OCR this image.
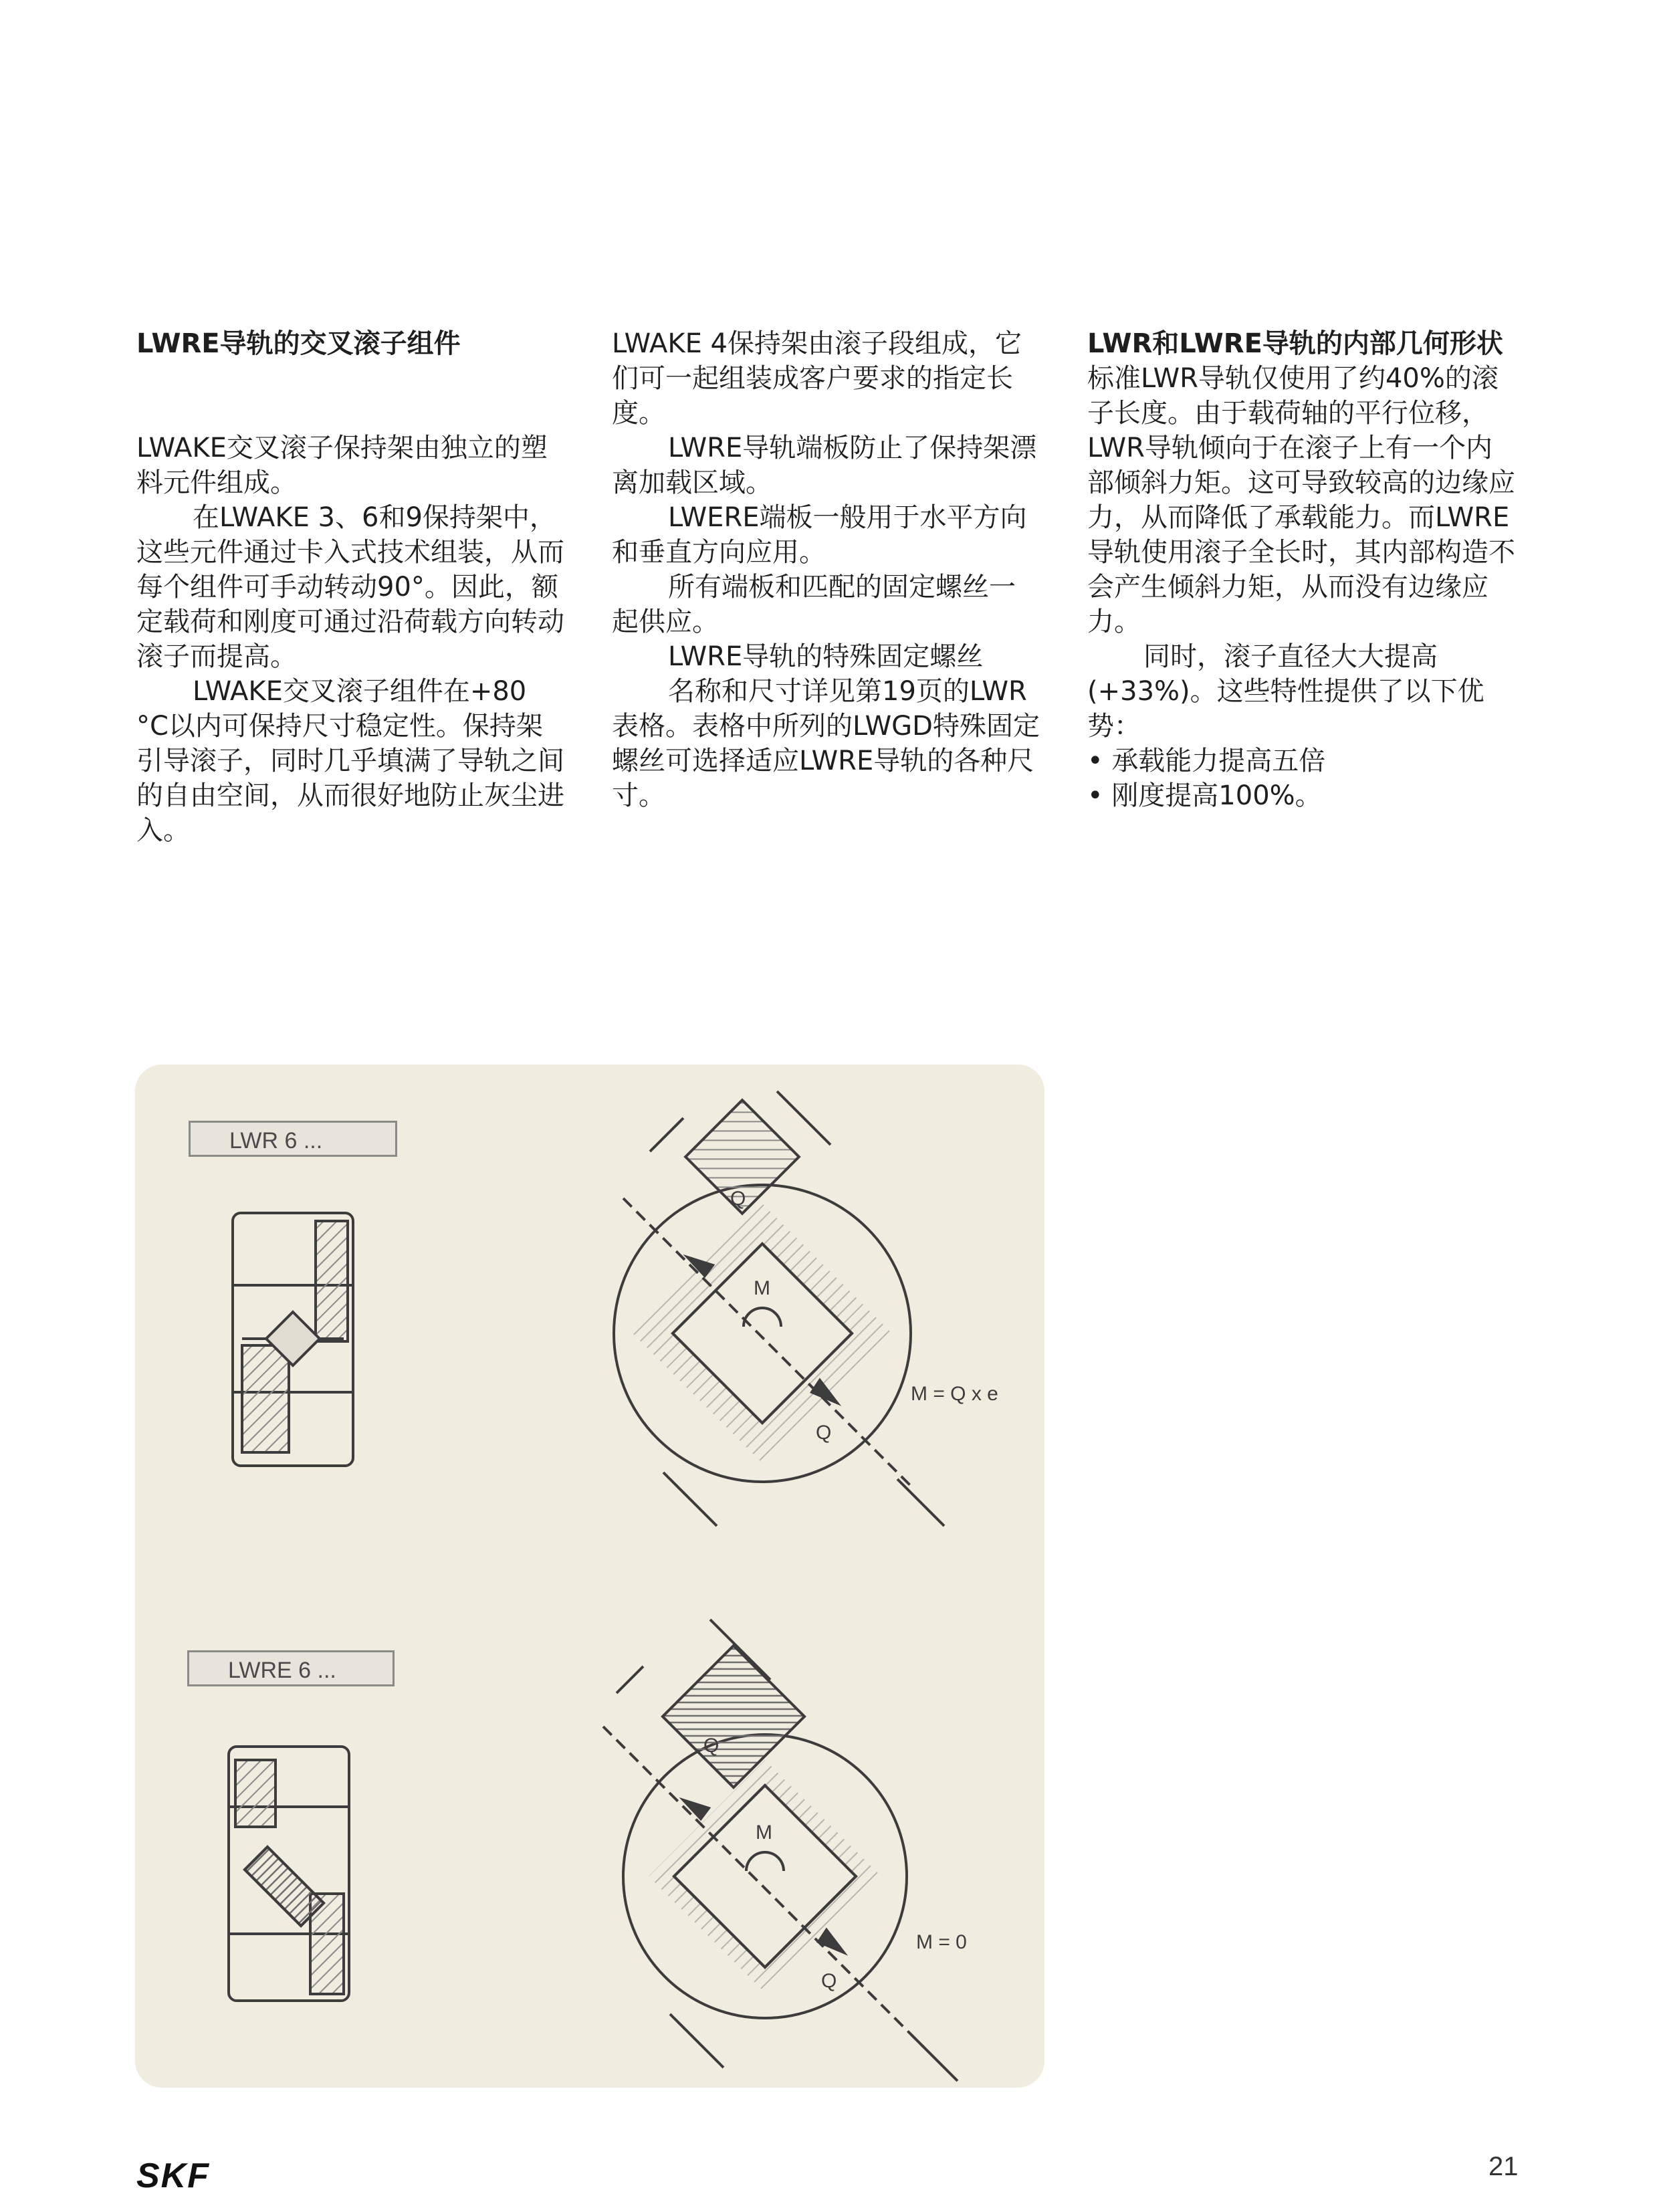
LWRE导轨的交叉滚子组件

LWAKE交叉滚子保持架由独立的塑料元件组成。

在LWAKE 3、6和9保持架中，这些元件通过卡入式技术组装，从而每个组件可手动转动90°。因此，额定载荷和刚度可通过沿荷载方向转动滚子而提高。

LWAKE交叉滚子组件在+80 °C以内可保持尺寸稳定性。保持架引导滚子，同时几乎填满了导轨之间的自由空间，从而很好地防止灰尘进入。

LWAKE 4保持架由滚子段组成，它们可一起组装成客户要求的指定长度。

LWRE导轨端板防止了保持架漂离加载区域。

LWERE端板一般用于水平方向和垂直方向应用。

所有端板和匹配的固定螺丝一起供应。

LWRE导轨的特殊固定螺丝

名称和尺寸详见第19页的LWR表格。表格中所列的LWGD特殊固定螺丝可选择适应LWRE导轨的各种尺寸。

LWR和LWRE导轨的内部几何形状

标准LWR导轨仅使用了约40%的滚子长度。由于载荷轴的平行位移，LWR导轨倾向于在滚子上有一个内部倾斜力矩。这可导致较高的边缘应力，从而降低了承载能力。而LWRE导轨使用滚子全长时，其内部构造不会产生倾斜力矩，从而没有边缘应力。

同时，滚子直径大大提高(+33%)。这些特性提供了以下优势：

• 承载能力提高五倍

• 刚度提高100%。

LWR 6 ...
LWRE 6 ...
M
M = Q x e
Q
Q
M
M = 0
Q
Q
SKF	21
